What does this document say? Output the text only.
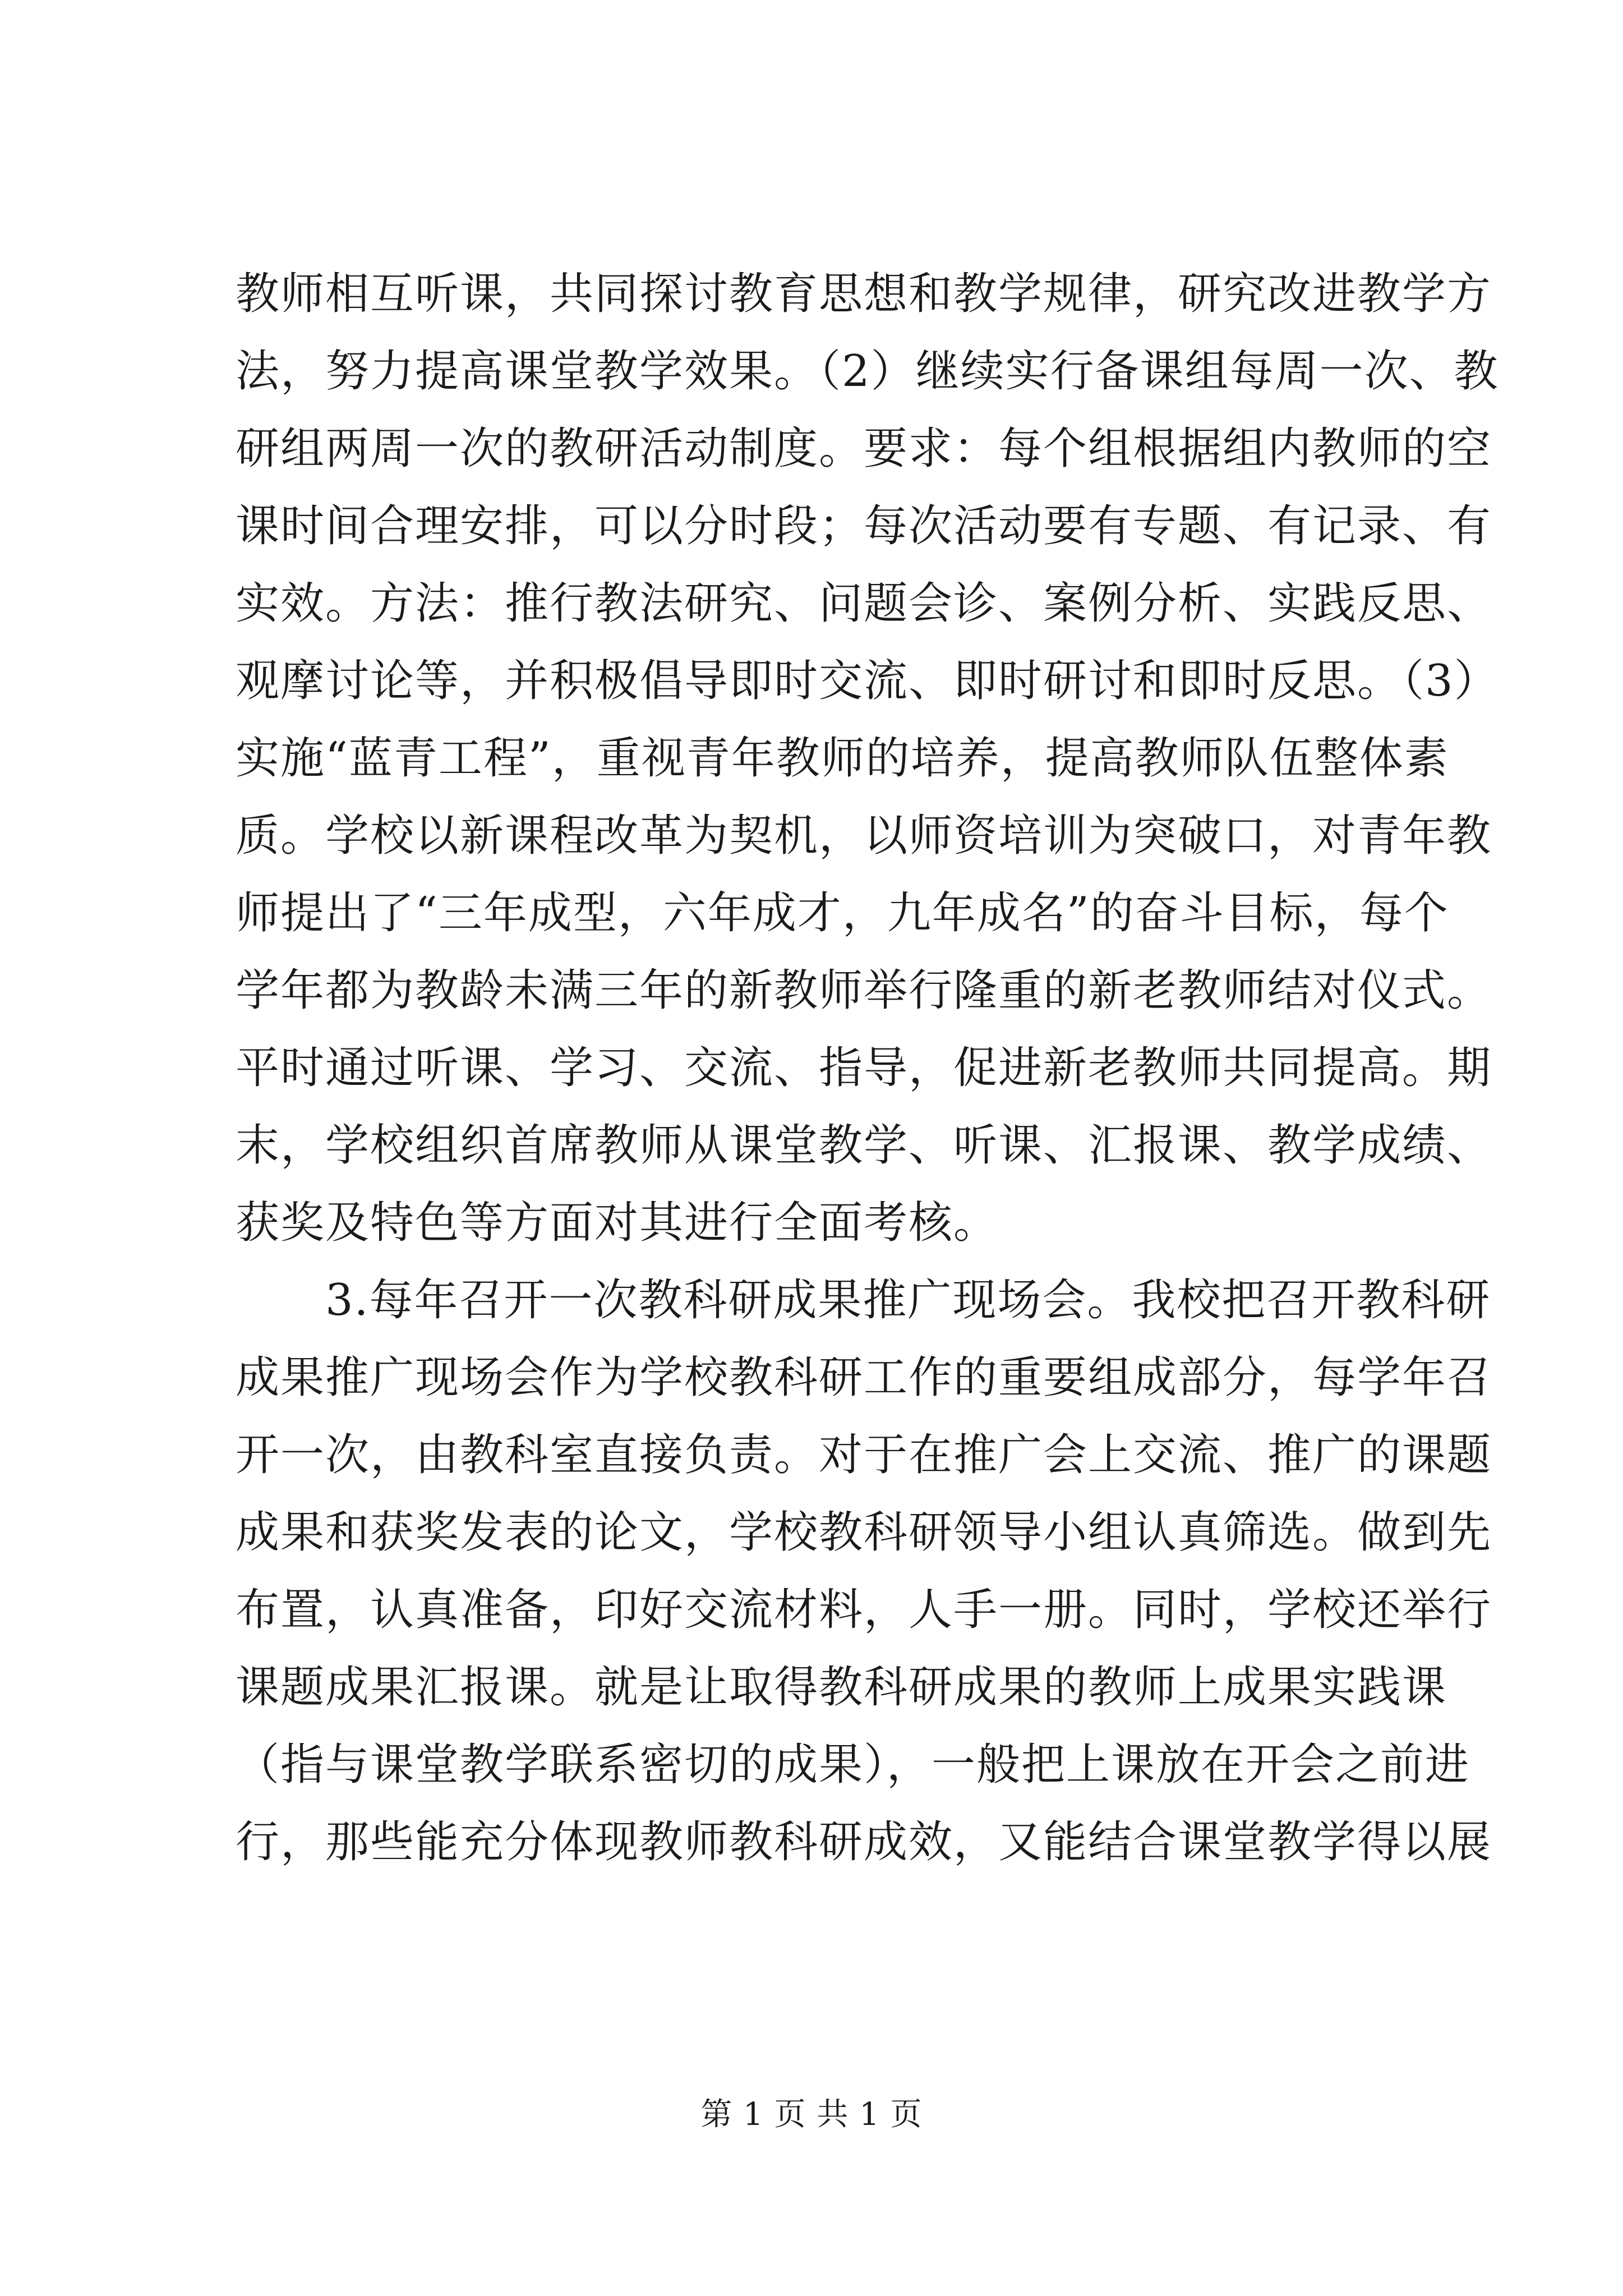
教师相互听课，共同探讨教育思想和教学规律，研究改进教学方
法，努力提高课堂教学效果。（2）继续实行备课组每周一次、教
研组两周一次的教研活动制度。要求：每个组根据组内教师的空
课时间合理安排，可以分时段；每次活动要有专题、有记录、有
实效。方法：推行教法研究、问题会诊、案例分析、实践反思、
观摩讨论等，并积极倡导即时交流、即时研讨和即时反思。（3）
实施“蓝青工程”，重视青年教师的培养，提高教师队伍整体素
质。学校以新课程改革为契机，以师资培训为突破口，对青年教
师提出了“三年成型，六年成才，九年成名”的奋斗目标，每个
学年都为教龄未满三年的新教师举行隆重的新老教师结对仪式。
平时通过听课、学习、交流、指导，促进新老教师共同提高。期
末，学校组织首席教师从课堂教学、听课、汇报课、教学成绩、
获奖及特色等方面对其进行全面考核。
3.每年召开一次教科研成果推广现场会。我校把召开教科研
成果推广现场会作为学校教科研工作的重要组成部分，每学年召
开一次，由教科室直接负责。对于在推广会上交流、推广的课题
成果和获奖发表的论文，学校教科研领导小组认真筛选。做到先
布置，认真准备，印好交流材料，人手一册。同时，学校还举行
课题成果汇报课。就是让取得教科研成果的教师上成果实践课
（指与课堂教学联系密切的成果），一般把上课放在开会之前进
行，那些能充分体现教师教科研成效，又能结合课堂教学得以展
第 1 页 共 1 页
